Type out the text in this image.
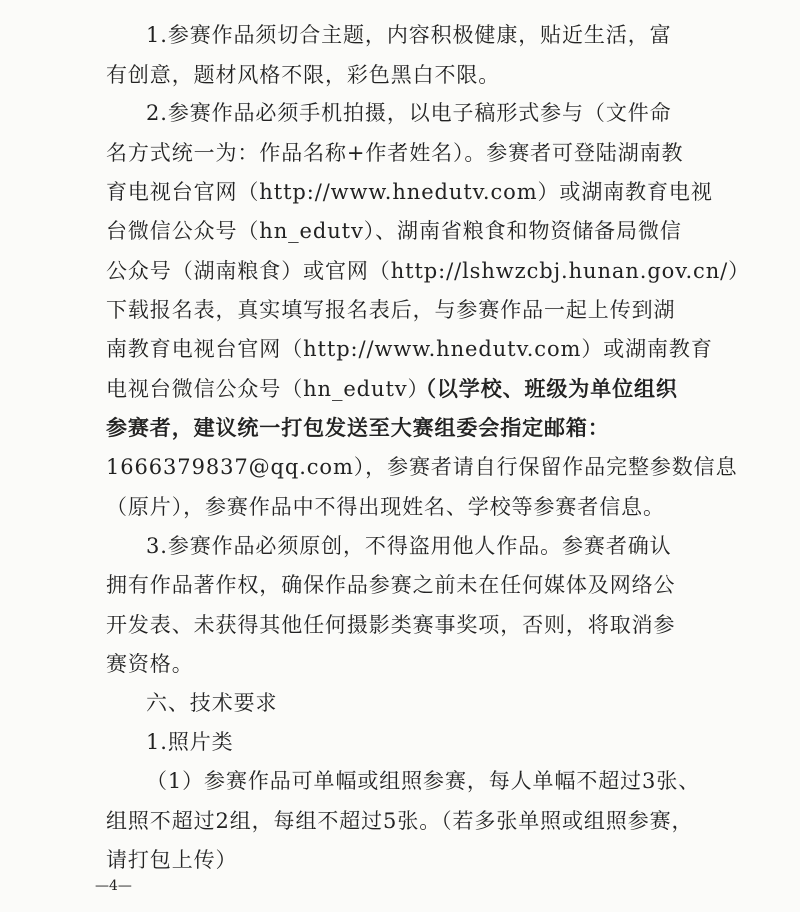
1.参赛作品须切合主题，内容积极健康，贴近生活，富
有创意，题材风格不限，彩色黑白不限。
2.参赛作品必须手机拍摄，以电子稿形式参与（文件命
名方式统一为：作品名称+作者姓名）。参赛者可登陆湖南教
育电视台官网（http://www.hnedutv.com）或湖南教育电视
台微信公众号（hn_edutv）、湖南省粮食和物资储备局微信
公众号（湖南粮食）或官网（http://lshwzcbj.hunan.gov.cn/）
下载报名表，真实填写报名表后，与参赛作品一起上传到湖
南教育电视台官网（http://www.hnedutv.com）或湖南教育
电视台微信公众号（hn_edutv）
（以学校、班级为单位组织
参赛者，建议统一打包发送至大赛组委会指定邮箱：
1666379837@qq.com），参赛者请自行保留作品完整参数信息
（原片），参赛作品中不得出现姓名、学校等参赛者信息。
3.参赛作品必须原创，不得盗用他人作品。参赛者确认
拥有作品著作权，确保作品参赛之前未在任何媒体及网络公
开发表、未获得其他任何摄影类赛事奖项，否则，将取消参
赛资格。
六、技术要求
1.照片类
（1）参赛作品可单幅或组照参赛，每人单幅不超过3张、
组照不超过2组，每组不超过5张。（若多张单照或组照参赛，
请打包上传）
—4—
